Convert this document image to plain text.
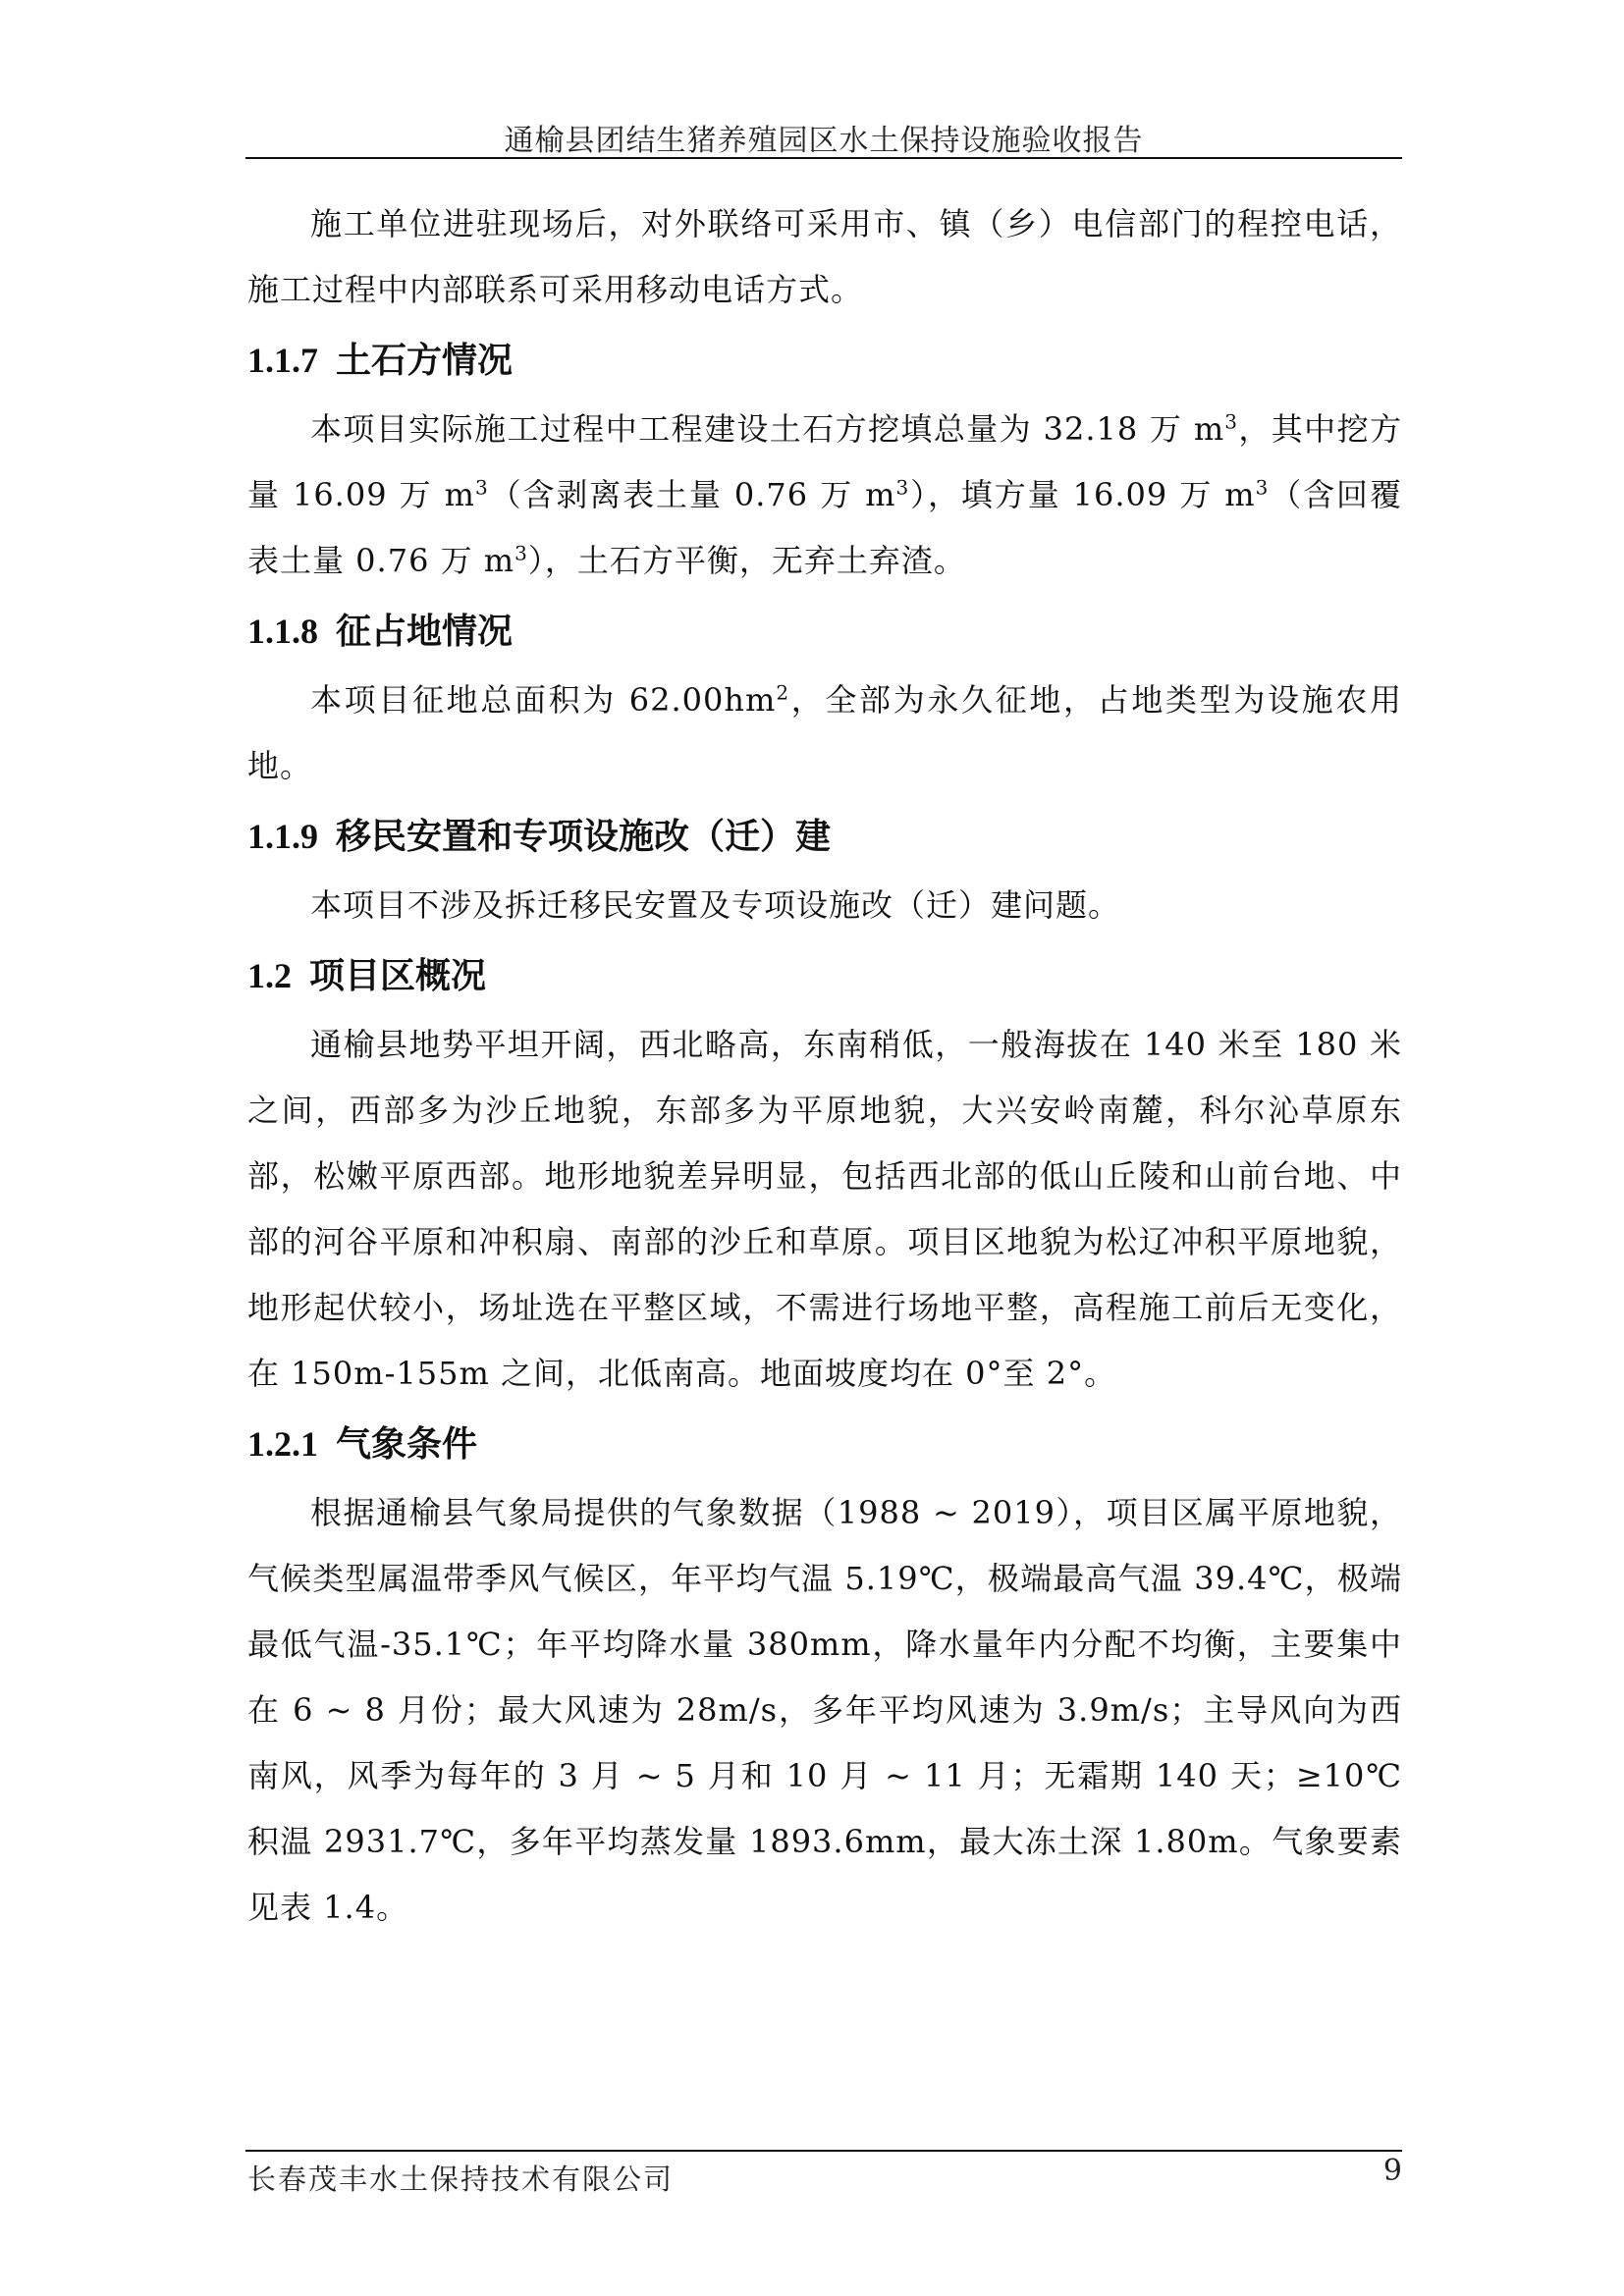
通榆县团结生猪养殖园区水土保持设施验收报告

施工单位进驻现场后，对外联络可采用市、镇（乡）电信部门的程控电话，施工过程中内部联系可采用移动电话方式。

1.1.7 土石方情况

本项目实际施工过程中工程建设土石方挖填总量为 32.18 万 $m^3$，其中挖方量 16.09 万 $m^3$（含剥离表土量 0.76 万 $m^3$），填方量 16.09 万 $m^3$（含回覆表土量 0.76 万 $m^3$），土石方平衡，无弃土弃渣。

1.1.8 征占地情况

本项目征地总面积为 $62.00hm^2$，全部为永久征地，占地类型为设施农用地。

1.1.9 移民安置和专项设施改（迁）建

本项目不涉及拆迁移民安置及专项设施改（迁）建问题。

1.2 项目区概况

通榆县地势平坦开阔，西北略高，东南稍低，一般海拔在 140 米至 180 米之间，西部多为沙丘地貌，东部多为平原地貌，大兴安岭南麓，科尔沁草原东部，松嫩平原西部。地形地貌差异明显，包括西北部的低山丘陵和山前台地、中部的河谷平原和冲积扇、南部的沙丘和草原。项目区地貌为松辽冲积平原地貌，地形起伏较小，场址选在平整区域，不需进行场地平整，高程施工前后无变化，在 150m-155m 之间，北低南高。地面坡度均在 0°至 2°。

1.2.1 气象条件

根据通榆县气象局提供的气象数据（1988 ~ 2019），项目区属平原地貌，气候类型属温带季风气候区，年平均气温 5.19℃，极端最高气温 39.4℃，极端最低气温-35.1℃；年平均降水量 380mm，降水量年内分配不均衡，主要集中在 6 ~ 8 月份；最大风速为 28m/s，多年平均风速为 3.9m/s；主导风向为西南风，风季为每年的 3 月 ~ 5 月和 10 月 ~ 11 月；无霜期 140 天；≥10℃积温 2931.7℃，多年平均蒸发量 1893.6mm，最大冻土深 1.80m。气象要素见表 1.4。

长春茂丰水土保持技术有限公司	9
